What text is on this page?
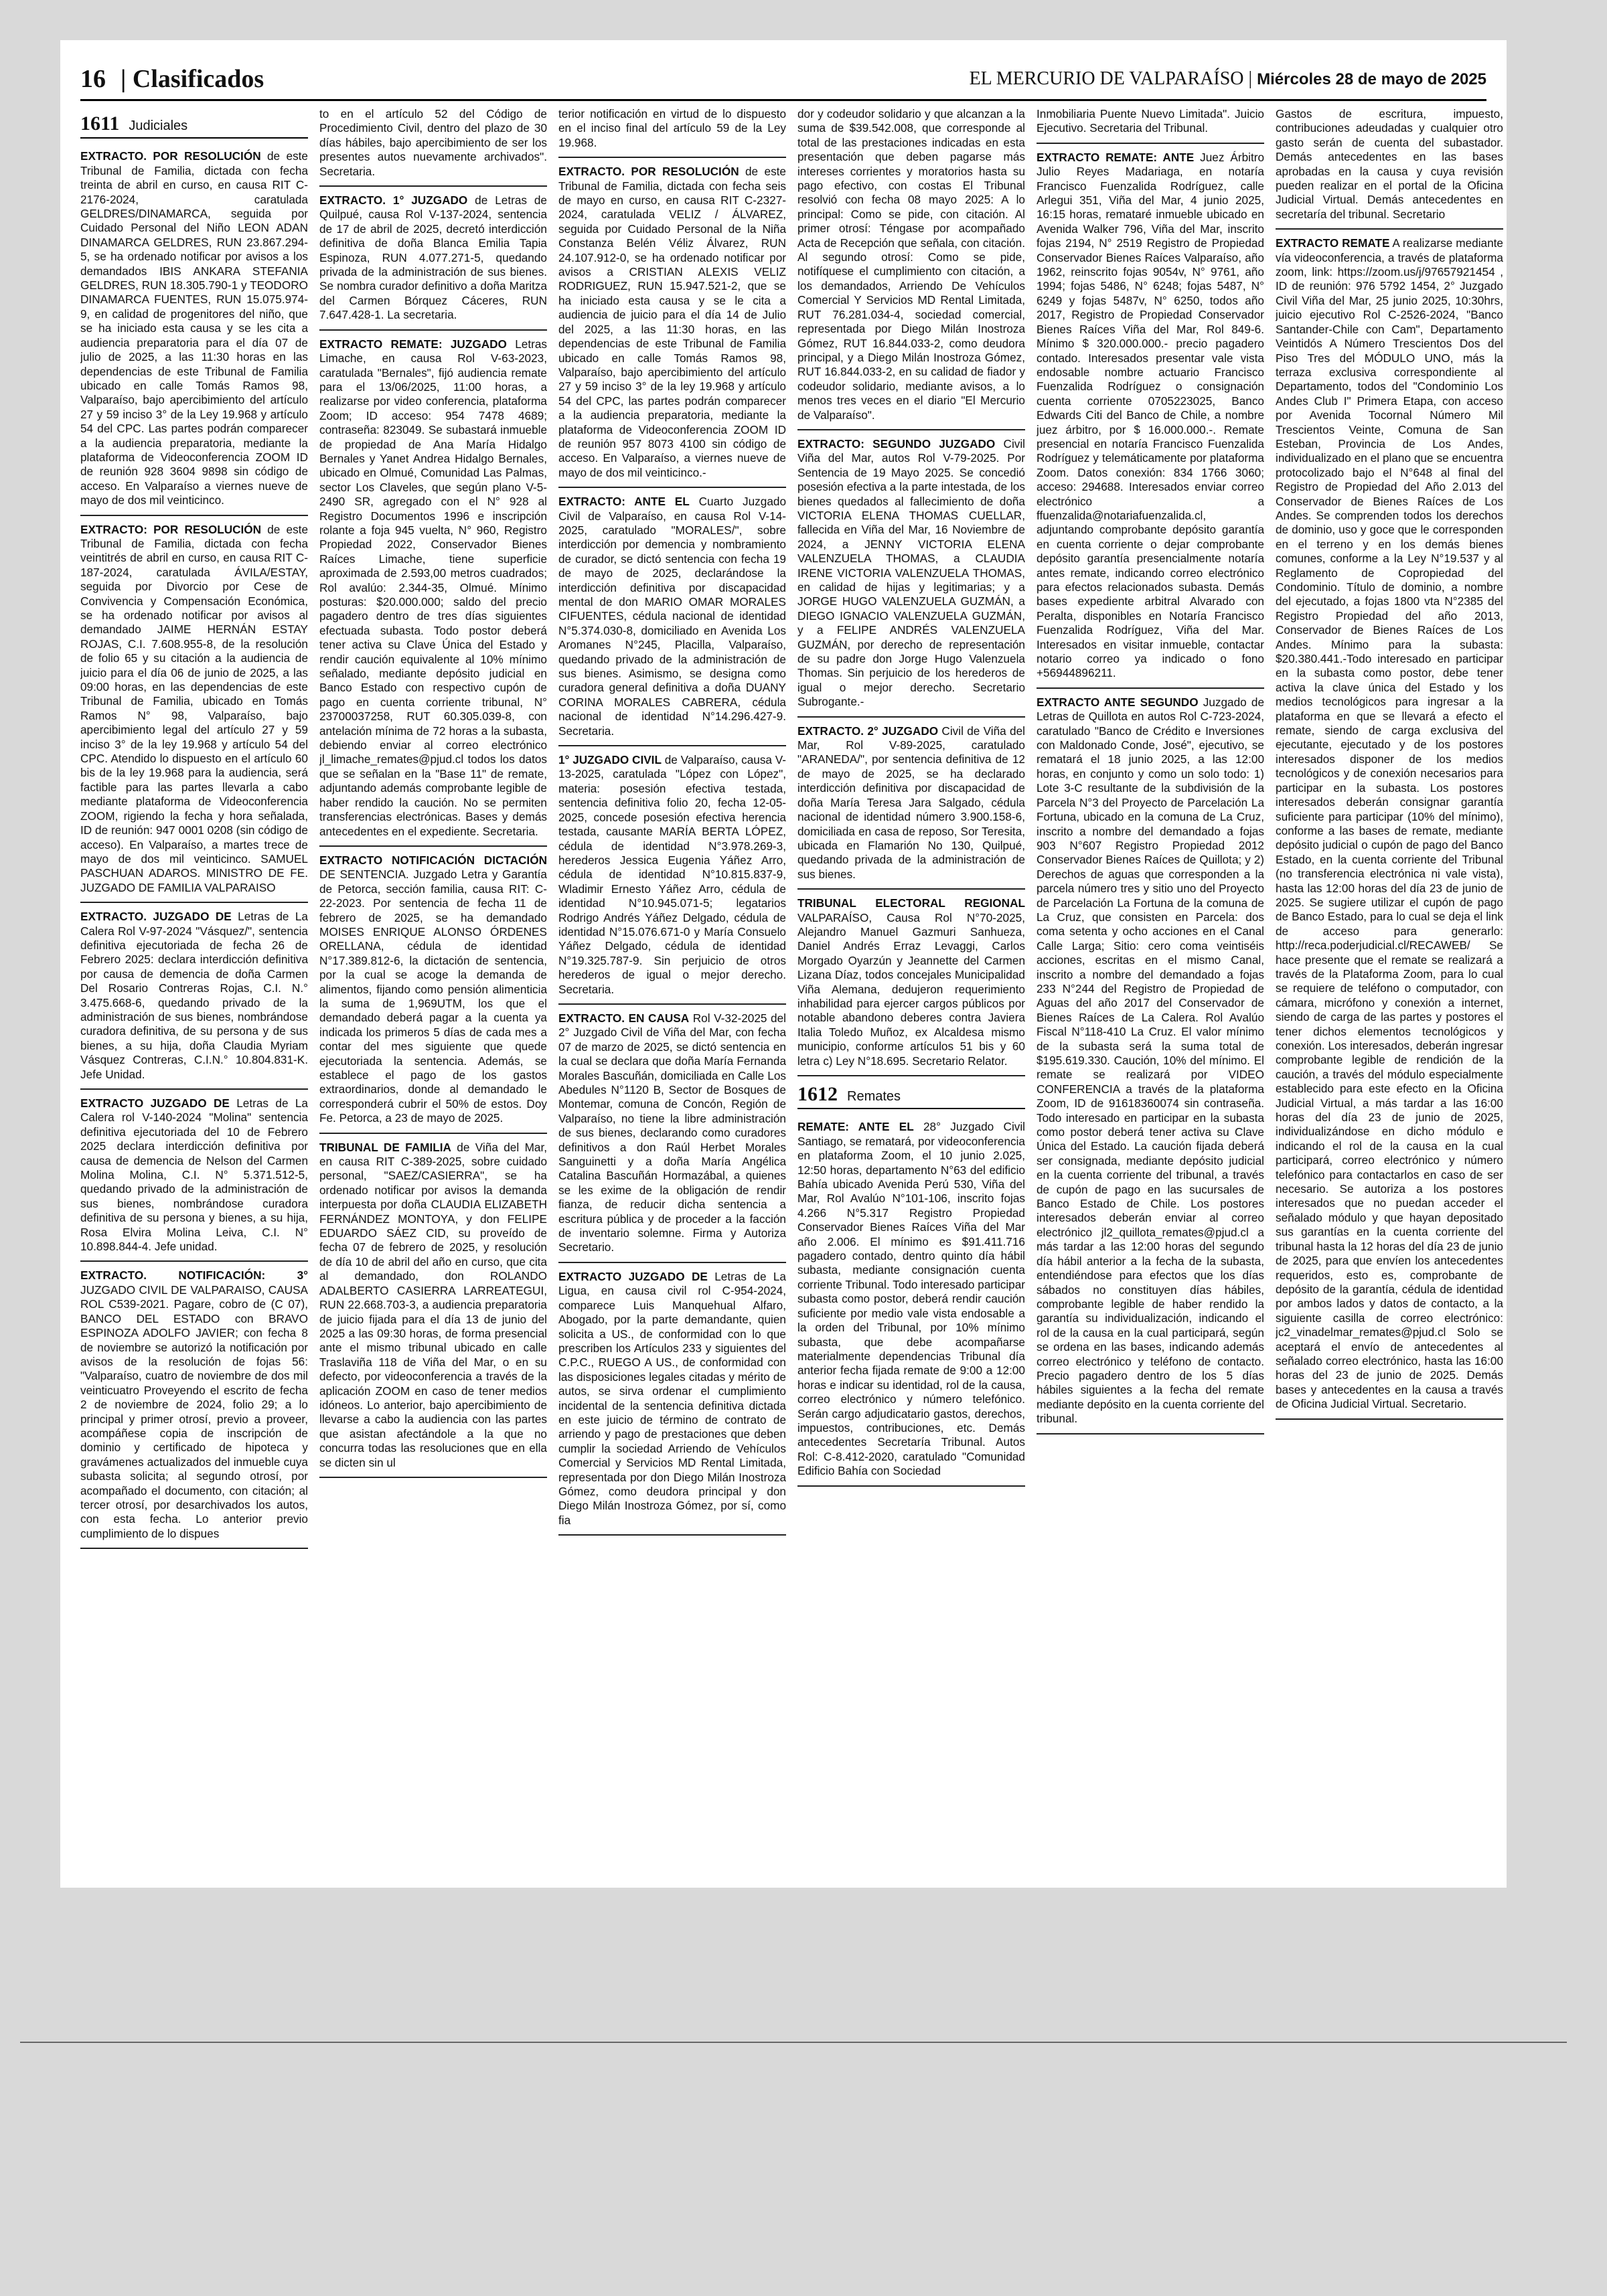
16 | Clasificados	EL MERCURIO DE VALPARAÍSO | Miércoles 28 de mayo de 2025
1611 Judiciales
EXTRACTO. POR RESOLUCIÓN de este Tribunal de Familia, dictada con fecha treinta de abril en curso, en causa RIT C-2176-2024, caratulada GELDRES/DINAMARCA, seguida por Cuidado Personal del Niño LEON ADAN DINAMARCA GELDRES, RUN 23.867.294-5, se ha ordenado notificar por avisos a los demandados IBIS ANKARA STEFANIA GELDRES, RUN 18.305.790-1 y TEODORO DINAMARCA FUENTES, RUN 15.075.974-9, en calidad de progenitores del niño, que se ha iniciado esta causa y se les cita a audiencia preparatoria para el día 07 de julio de 2025, a las 11:30 horas en las dependencias de este Tribunal de Familia ubicado en calle Tomás Ramos 98, Valparaíso, bajo apercibimiento del artículo 27 y 59 inciso 3° de la Ley 19.968 y artículo 54 del CPC. Las partes podrán comparecer a la audiencia preparatoria, mediante la plataforma de Videoconferencia ZOOM ID de reunión 928 3604 9898 sin código de acceso. En Valparaíso a viernes nueve de mayo de dos mil veinticinco.
EXTRACTO: POR RESOLUCIÓN de este Tribunal de Familia, dictada con fecha veintitrés de abril en curso, en causa RIT C-187-2024, caratulada ÁVILA/ESTAY, seguida por Divorcio por Cese de Convivencia y Compensación Económica, se ha ordenado notificar por avisos al demandado JAIME HERNÁN ESTAY ROJAS, C.I. 7.608.955-8, de la resolución de folio 65 y su citación a la audiencia de juicio para el día 06 de junio de 2025, a las 09:00 horas, en las dependencias de este Tribunal de Familia, ubicado en Tomás Ramos N° 98, Valparaíso, bajo apercibimiento legal del artículo 27 y 59 inciso 3° de la ley 19.968 y artículo 54 del CPC. Atendido lo dispuesto en el artículo 60 bis de la ley 19.968 para la audiencia, será factible para las partes llevarla a cabo mediante plataforma de Videoconferencia ZOOM, rigiendo la fecha y hora señalada, ID de reunión: 947 0001 0208 (sin código de acceso). En Valparaíso, a martes trece de mayo de dos mil veinticinco. SAMUEL PASCHUAN ADAROS. MINISTRO DE FE. JUZGADO DE FAMILIA VALPARAISO
EXTRACTO. JUZGADO DE Letras de La Calera Rol V-97-2024 "Vásquez/", sentencia definitiva ejecutoriada de fecha 26 de Febrero 2025: declara interdicción definitiva por causa de demencia de doña Carmen Del Rosario Contreras Rojas, C.I. N.° 3.475.668-6, quedando privado de la administración de sus bienes, nombrándose curadora definitiva, de su persona y de sus bienes, a su hija, doña Claudia Myriam Vásquez Contreras, C.I.N.° 10.804.831-K. Jefe Unidad.
EXTRACTO JUZGADO DE Letras de La Calera rol V-140-2024 "Molina" sentencia definitiva ejecutoriada del 10 de Febrero 2025 declara interdicción definitiva por causa de demencia de Nelson del Carmen Molina Molina, C.I. N° 5.371.512-5, quedando privado de la administración de sus bienes, nombrándose curadora definitiva de su persona y bienes, a su hija, Rosa Elvira Molina Leiva, C.I. N° 10.898.844-4. Jefe unidad.
EXTRACTO. NOTIFICACIÓN: 3° JUZGADO CIVIL DE VALPARAISO, CAUSA ROL C539-2021. Pagare, cobro de (C 07), BANCO DEL ESTADO con BRAVO ESPINOZA ADOLFO JAVIER; con fecha 8 de noviembre se autorizó la notificación por avisos de la resolución de fojas 56: "Valparaíso, cuatro de noviembre de dos mil veinticuatro Proveyendo el escrito de fecha 2 de noviembre de 2024, folio 29; a lo principal y primer otrosí, previo a proveer, acompáñese copia de inscripción de dominio y certificado de hipoteca y gravámenes actualizados del inmueble cuya subasta solicita; al segundo otrosí, por acompañado el documento, con citación; al tercer otrosí, por desarchivados los autos, con esta fecha. Lo anterior previo cumplimiento de lo dispues
to en el artículo 52 del Código de Procedimiento Civil, dentro del plazo de 30 días hábiles, bajo apercibimiento de ser los presentes autos nuevamente archivados". Secretaria.
EXTRACTO. 1° JUZGADO de Letras de Quilpué, causa Rol V-137-2024, sentencia de 17 de abril de 2025, decretó interdicción definitiva de doña Blanca Emilia Tapia Espinoza, RUN 4.077.271-5, quedando privada de la administración de sus bienes. Se nombra curador definitivo a doña Maritza del Carmen Bórquez Cáceres, RUN 7.647.428-1. La secretaria.
EXTRACTO REMATE: JUZGADO Letras Limache, en causa Rol V-63-2023, caratulada "Bernales", fijó audiencia remate para el 13/06/2025, 11:00 horas, a realizarse por video conferencia, plataforma Zoom; ID acceso: 954 7478 4689; contraseña: 823049. Se subastará inmueble de propiedad de Ana María Hidalgo Bernales y Yanet Andrea Hidalgo Bernales, ubicado en Olmué, Comunidad Las Palmas, sector Los Claveles, que según plano V-5-2490 SR, agregado con el N° 928 al Registro Documentos 1996 e inscripción rolante a foja 945 vuelta, N° 960, Registro Propiedad 2022, Conservador Bienes Raíces Limache, tiene superficie aproximada de 2.593,00 metros cuadrados; Rol avalúo: 2.344-35, Olmué. Mínimo posturas: $20.000.000; saldo del precio pagadero dentro de tres días siguientes efectuada subasta. Todo postor deberá tener activa su Clave Única del Estado y rendir caución equivalente al 10% mínimo señalado, mediante depósito judicial en Banco Estado con respectivo cupón de pago en cuenta corriente tribunal, N° 23700037258, RUT 60.305.039-8, con antelación mínima de 72 horas a la subasta, debiendo enviar al correo electrónico jl_limache_remates@pjud.cl todos los datos que se señalan en la "Base 11" de remate, adjuntando además comprobante legible de haber rendido la caución. No se permiten transferencias electrónicas. Bases y demás antecedentes en el expediente. Secretaria.
EXTRACTO NOTIFICACIÓN DICTACIÓN DE SENTENCIA. Juzgado Letra y Garantía de Petorca, sección familia, causa RIT: C-22-2023. Por sentencia de fecha 11 de febrero de 2025, se ha demandado MOISES ENRIQUE ALONSO ÓRDENES ORELLANA, cédula de identidad N°17.389.812-6, la dictación de sentencia, por la cual se acoge la demanda de alimentos, fijando como pensión alimenticia la suma de 1,969UTM, los que el demandado deberá pagar a la cuenta ya indicada los primeros 5 días de cada mes a contar del mes siguiente que quede ejecutoriada la sentencia. Además, se establece el pago de los gastos extraordinarios, donde al demandado le corresponderá cubrir el 50% de estos. Doy Fe. Petorca, a 23 de mayo de 2025.
TRIBUNAL DE FAMILIA de Viña del Mar, en causa RIT C-389-2025, sobre cuidado personal, "SAEZ/CASIERRA", se ha ordenado notificar por avisos la demanda interpuesta por doña CLAUDIA ELIZABETH FERNÁNDEZ MONTOYA, y don FELIPE EDUARDO SÁEZ CID, su proveído de fecha 07 de febrero de 2025, y resolución de día 10 de abril del año en curso, que cita al demandado, don ROLANDO ADALBERTO CASIERRA LARREATEGUI, RUN 22.668.703-3, a audiencia preparatoria de juicio fijada para el día 13 de junio del 2025 a las 09:30 horas, de forma presencial ante el mismo tribunal ubicado en calle Traslaviña 118 de Viña del Mar, o en su defecto, por videoconferencia a través de la aplicación ZOOM en caso de tener medios idóneos. Lo anterior, bajo apercibimiento de llevarse a cabo la audiencia con las partes que asistan afectándole a la que no concurra todas las resoluciones que en ella se dicten sin ul
terior notificación en virtud de lo dispuesto en el inciso final del artículo 59 de la Ley 19.968.
EXTRACTO. POR RESOLUCIÓN de este Tribunal de Familia, dictada con fecha seis de mayo en curso, en causa RIT C-2327-2024, caratulada VELIZ / ÁLVAREZ, seguida por Cuidado Personal de la Niña Constanza Belén Véliz Álvarez, RUN 24.107.912-0, se ha ordenado notificar por avisos a CRISTIAN ALEXIS VELIZ RODRIGUEZ, RUN 15.947.521-2, que se ha iniciado esta causa y se le cita a audiencia de juicio para el día 14 de Julio del 2025, a las 11:30 horas, en las dependencias de este Tribunal de Familia ubicado en calle Tomás Ramos 98, Valparaíso, bajo apercibimiento del artículo 27 y 59 inciso 3° de la ley 19.968 y artículo 54 del CPC, las partes podrán comparecer a la audiencia preparatoria, mediante la plataforma de Videoconferencia ZOOM ID de reunión 957 8073 4100 sin código de acceso. En Valparaíso, a viernes nueve de mayo de dos mil veinticinco.-
EXTRACTO: ANTE EL Cuarto Juzgado Civil de Valparaíso, en causa Rol V-14-2025, caratulado "MORALES/", sobre interdicción por demencia y nombramiento de curador, se dictó sentencia con fecha 19 de mayo de 2025, declarándose la interdicción definitiva por discapacidad mental de don MARIO OMAR MORALES CIFUENTES, cédula nacional de identidad N°5.374.030-8, domiciliado en Avenida Los Aromanes N°245, Placilla, Valparaíso, quedando privado de la administración de sus bienes. Asimismo, se designa como curadora general definitiva a doña DUANY CORINA MORALES CABRERA, cédula nacional de identidad N°14.296.427-9. Secretaria.
1° JUZGADO CIVIL de Valparaíso, causa V-13-2025, caratulada "López con López", materia: posesión efectiva testada, sentencia definitiva folio 20, fecha 12-05-2025, concede posesión efectiva herencia testada, causante MARÍA BERTA LÓPEZ, cédula de identidad N°3.978.269-3, herederos Jessica Eugenia Yáñez Arro, cédula de identidad N°10.815.837-9, Wladimir Ernesto Yáñez Arro, cédula de identidad N°10.945.071-5; legatarios Rodrigo Andrés Yáñez Delgado, cédula de identidad N°15.076.671-0 y María Consuelo Yáñez Delgado, cédula de identidad N°19.325.787-9. Sin perjuicio de otros herederos de igual o mejor derecho. Secretaria.
EXTRACTO. EN CAUSA Rol V-32-2025 del 2° Juzgado Civil de Viña del Mar, con fecha 07 de marzo de 2025, se dictó sentencia en la cual se declara que doña María Fernanda Morales Bascuñán, domiciliada en Calle Los Abedules N°1120 B, Sector de Bosques de Montemar, comuna de Concón, Región de Valparaíso, no tiene la libre administración de sus bienes, declarando como curadores definitivos a don Raúl Herbet Morales Sanguinetti y a doña María Angélica Catalina Bascuñán Hormazábal, a quienes se les exime de la obligación de rendir fianza, de reducir dicha sentencia a escritura pública y de proceder a la facción de inventario solemne. Firma y Autoriza Secretario.
EXTRACTO JUZGADO DE Letras de La Ligua, en causa civil rol C-954-2024, comparece Luis Manquehual Alfaro, Abogado, por la parte demandante, quien solicita a US., de conformidad con lo que prescriben los Artículos 233 y siguientes del C.P.C., RUEGO A US., de conformidad con las disposiciones legales citadas y mérito de autos, se sirva ordenar el cumplimiento incidental de la sentencia definitiva dictada en este juicio de término de contrato de arriendo y pago de prestaciones que deben cumplir la sociedad Arriendo de Vehículos Comercial y Servicios MD Rental Limitada, representada por don Diego Milán Inostroza Gómez, como deudora principal y don Diego Milán Inostroza Gómez, por sí, como fia
dor y codeudor solidario y que alcanzan a la suma de $39.542.008, que corresponde al total de las prestaciones indicadas en esta presentación que deben pagarse más intereses corrientes y moratorios hasta su pago efectivo, con costas El Tribunal resolvió con fecha 08 mayo 2025: A lo principal: Como se pide, con citación. Al primer otrosí: Téngase por acompañado Acta de Recepción que señala, con citación. Al segundo otrosí: Como se pide, notifíquese el cumplimiento con citación, a los demandados, Arriendo De Vehículos Comercial Y Servicios MD Rental Limitada, RUT 76.281.034-4, sociedad comercial, representada por Diego Milán Inostroza Gómez, RUT 16.844.033-2, como deudora principal, y a Diego Milán Inostroza Gómez, RUT 16.844.033-2, en su calidad de fiador y codeudor solidario, mediante avisos, a lo menos tres veces en el diario "El Mercurio de Valparaíso".
EXTRACTO: SEGUNDO JUZGADO Civil Viña del Mar, autos Rol V-79-2025. Por Sentencia de 19 Mayo 2025. Se concedió posesión efectiva a la parte intestada, de los bienes quedados al fallecimiento de doña VICTORIA ELENA THOMAS CUELLAR, fallecida en Viña del Mar, 16 Noviembre de 2024, a JENNY VICTORIA ELENA VALENZUELA THOMAS, a CLAUDIA IRENE VICTORIA VALENZUELA THOMAS, en calidad de hijas y legitimarias; y a JORGE HUGO VALENZUELA GUZMÁN, a DIEGO IGNACIO VALENZUELA GUZMÁN, y a FELIPE ANDRÉS VALENZUELA GUZMÁN, por derecho de representación de su padre don Jorge Hugo Valenzuela Thomas. Sin perjuicio de los herederos de igual o mejor derecho. Secretario Subrogante.-
EXTRACTO. 2° JUZGADO Civil de Viña del Mar, Rol V-89-2025, caratulado "ARANEDA/", por sentencia definitiva de 12 de mayo de 2025, se ha declarado interdicción definitiva por discapacidad de doña María Teresa Jara Salgado, cédula nacional de identidad número 3.900.158-6, domiciliada en casa de reposo, Sor Teresita, ubicada en Flamarión No 130, Quilpué, quedando privada de la administración de sus bienes.
TRIBUNAL ELECTORAL REGIONAL VALPARAÍSO, Causa Rol N°70-2025, Alejandro Manuel Gazmuri Sanhueza, Daniel Andrés Erraz Levaggi, Carlos Morgado Oyarzún y Jeannette del Carmen Lizana Díaz, todos concejales Municipalidad Viña Alemana, dedujeron requerimiento inhabilidad para ejercer cargos públicos por notable abandono deberes contra Javiera Italia Toledo Muñoz, ex Alcaldesa mismo municipio, conforme artículos 51 bis y 60 letra c) Ley N°18.695. Secretario Relator.
1612 Remates
REMATE: ANTE EL 28° Juzgado Civil Santiago, se rematará, por videoconferencia en plataforma Zoom, el 10 junio 2.025, 12:50 horas, departamento N°63 del edificio Bahía ubicado Avenida Perú 530, Viña del Mar, Rol Avalúo N°101-106, inscrito fojas 4.266 N°5.317 Registro Propiedad Conservador Bienes Raíces Viña del Mar año 2.006. El mínimo es $91.411.716 pagadero contado, dentro quinto día hábil subasta, mediante consignación cuenta corriente Tribunal. Todo interesado participar subasta como postor, deberá rendir caución suficiente por medio vale vista endosable a la orden del Tribunal, por 10% mínimo subasta, que debe acompañarse materialmente dependencias Tribunal día anterior fecha fijada remate de 9:00 a 12:00 horas e indicar su identidad, rol de la causa, correo electrónico y número telefónico. Serán cargo adjudicatario gastos, derechos, impuestos, contribuciones, etc. Demás antecedentes Secretaría Tribunal. Autos Rol: C-8.412-2020, caratulado "Comunidad Edificio Bahía con Sociedad
Inmobiliaria Puente Nuevo Limitada". Juicio Ejecutivo. Secretaria del Tribunal.
EXTRACTO REMATE: ANTE Juez Árbitro Julio Reyes Madariaga, en notaría Francisco Fuenzalida Rodríguez, calle Arlegui 351, Viña del Mar, 4 junio 2025, 16:15 horas, remataré inmueble ubicado en Avenida Walker 796, Viña del Mar, inscrito fojas 2194, N° 2519 Registro de Propiedad Conservador Bienes Raíces Valparaíso, año 1962, reinscrito fojas 9054v, N° 9761, año 1994; fojas 5486, N° 6248; fojas 5487, N° 6249 y fojas 5487v, N° 6250, todos año 2017, Registro de Propiedad Conservador Bienes Raíces Viña del Mar, Rol 849-6. Mínimo $ 320.000.000.- precio pagadero contado. Interesados presentar vale vista endosable nombre actuario Francisco Fuenzalida Rodríguez o consignación cuenta corriente 0705223025, Banco Edwards Citi del Banco de Chile, a nombre juez árbitro, por $ 16.000.000.-. Remate presencial en notaría Francisco Fuenzalida Rodríguez y telemáticamente por plataforma Zoom. Datos conexión: 834 1766 3060; acceso: 294688. Interesados enviar correo electrónico a ffuenzalida@notariafuenzalida.cl, adjuntando comprobante depósito garantía en cuenta corriente o dejar comprobante depósito garantía presencialmente notaría antes remate, indicando correo electrónico para efectos relacionados subasta. Demás bases expediente arbitral Alvarado con Peralta, disponibles en Notaría Francisco Fuenzalida Rodríguez, Viña del Mar. Interesados en visitar inmueble, contactar notario correo ya indicado o fono +56944896211.
EXTRACTO ANTE SEGUNDO Juzgado de Letras de Quillota en autos Rol C-723-2024, caratulado "Banco de Crédito e Inversiones con Maldonado Conde, José", ejecutivo, se rematará el 18 junio 2025, a las 12:00 horas, en conjunto y como un solo todo: 1) Lote 3-C resultante de la subdivisión de la Parcela N°3 del Proyecto de Parcelación La Fortuna, ubicado en la comuna de La Cruz, inscrito a nombre del demandado a fojas 903 N°607 Registro Propiedad 2012 Conservador Bienes Raíces de Quillota; y 2) Derechos de aguas que corresponden a la parcela número tres y sitio uno del Proyecto de Parcelación La Fortuna de la comuna de La Cruz, que consisten en Parcela: dos coma setenta y ocho acciones en el Canal Calle Larga; Sitio: cero coma veintiséis acciones, escritas en el mismo Canal, inscrito a nombre del demandado a fojas 233 N°244 del Registro de Propiedad de Aguas del año 2017 del Conservador de Bienes Raíces de La Calera. Rol Avalúo Fiscal N°118-410 La Cruz. El valor mínimo de la subasta será la suma total de $195.619.330. Caución, 10% del mínimo. El remate se realizará por VIDEO CONFERENCIA a través de la plataforma Zoom, ID de 91618360074 sin contraseña. Todo interesado en participar en la subasta como postor deberá tener activa su Clave Única del Estado. La caución fijada deberá ser consignada, mediante depósito judicial en la cuenta corriente del tribunal, a través de cupón de pago en las sucursales de Banco Estado de Chile. Los postores interesados deberán enviar al correo electrónico jl2_quillota_remates@pjud.cl a más tardar a las 12:00 horas del segundo día hábil anterior a la fecha de la subasta, entendiéndose para efectos que los días sábados no constituyen días hábiles, comprobante legible de haber rendido la garantía su individualización, indicando el rol de la causa en la cual participará, según se ordena en las bases, indicando además correo electrónico y teléfono de contacto. Precio pagadero dentro de los 5 días hábiles siguientes a la fecha del remate mediante depósito en la cuenta corriente del tribunal.
Gastos de escritura, impuesto, contribuciones adeudadas y cualquier otro gasto serán de cuenta del subastador. Demás antecedentes en las bases aprobadas en la causa y cuya revisión pueden realizar en el portal de la Oficina Judicial Virtual. Demás antecedentes en secretaría del tribunal. Secretario
EXTRACTO REMATE A realizarse mediante vía videoconferencia, a través de plataforma zoom, link: https://zoom.us/j/97657921454 , ID de reunión: 976 5792 1454, 2° Juzgado Civil Viña del Mar, 25 junio 2025, 10:30hrs, juicio ejecutivo Rol C-2526-2024, "Banco Santander-Chile con Cam", Departamento Veintidós A Número Trescientos Dos del Piso Tres del MÓDULO UNO, más la terraza exclusiva correspondiente al Departamento, todos del "Condominio Los Andes Club I" Primera Etapa, con acceso por Avenida Tocornal Número Mil Trescientos Veinte, Comuna de San Esteban, Provincia de Los Andes, individualizado en el plano que se encuentra protocolizado bajo el N°648 al final del Registro de Propiedad del Año 2.013 del Conservador de Bienes Raíces de Los Andes. Se comprenden todos los derechos de dominio, uso y goce que le corresponden en el terreno y en los demás bienes comunes, conforme a la Ley N°19.537 y al Reglamento de Copropiedad del Condominio. Título de dominio, a nombre del ejecutado, a fojas 1800 vta N°2385 del Registro Propiedad del año 2013, Conservador de Bienes Raíces de Los Andes. Mínimo para la subasta: $20.380.441.-Todo interesado en participar en la subasta como postor, debe tener activa la clave única del Estado y los medios tecnológicos para ingresar a la plataforma en que se llevará a efecto el remate, siendo de carga exclusiva del ejecutante, ejecutado y de los postores interesados disponer de los medios tecnológicos y de conexión necesarios para participar en la subasta. Los postores interesados deberán consignar garantía suficiente para participar (10% del mínimo), conforme a las bases de remate, mediante depósito judicial o cupón de pago del Banco Estado, en la cuenta corriente del Tribunal (no transferencia electrónica ni vale vista), hasta las 12:00 horas del día 23 de junio de 2025. Se sugiere utilizar el cupón de pago de Banco Estado, para lo cual se deja el link de acceso para generarlo: http://reca.poderjudicial.cl/RECAWEB/ Se hace presente que el remate se realizará a través de la Plataforma Zoom, para lo cual se requiere de teléfono o computador, con cámara, micrófono y conexión a internet, siendo de carga de las partes y postores el tener dichos elementos tecnológicos y conexión. Los interesados, deberán ingresar comprobante legible de rendición de la caución, a través del módulo especialmente establecido para este efecto en la Oficina Judicial Virtual, a más tardar a las 16:00 horas del día 23 de junio de 2025, individualizándose en dicho módulo e indicando el rol de la causa en la cual participará, correo electrónico y número telefónico para contactarlos en caso de ser necesario. Se autoriza a los postores interesados que no puedan acceder el señalado módulo y que hayan depositado sus garantías en la cuenta corriente del tribunal hasta la 12 horas del día 23 de junio de 2025, para que envíen los antecedentes requeridos, esto es, comprobante de depósito de la garantía, cédula de identidad por ambos lados y datos de contacto, a la siguiente casilla de correo electrónico: jc2_vinadelmar_remates@pjud.cl Solo se aceptará el envío de antecedentes al señalado correo electrónico, hasta las 16:00 horas del 23 de junio de 2025. Demás bases y antecedentes en la causa a través de Oficina Judicial Virtual. Secretario.
